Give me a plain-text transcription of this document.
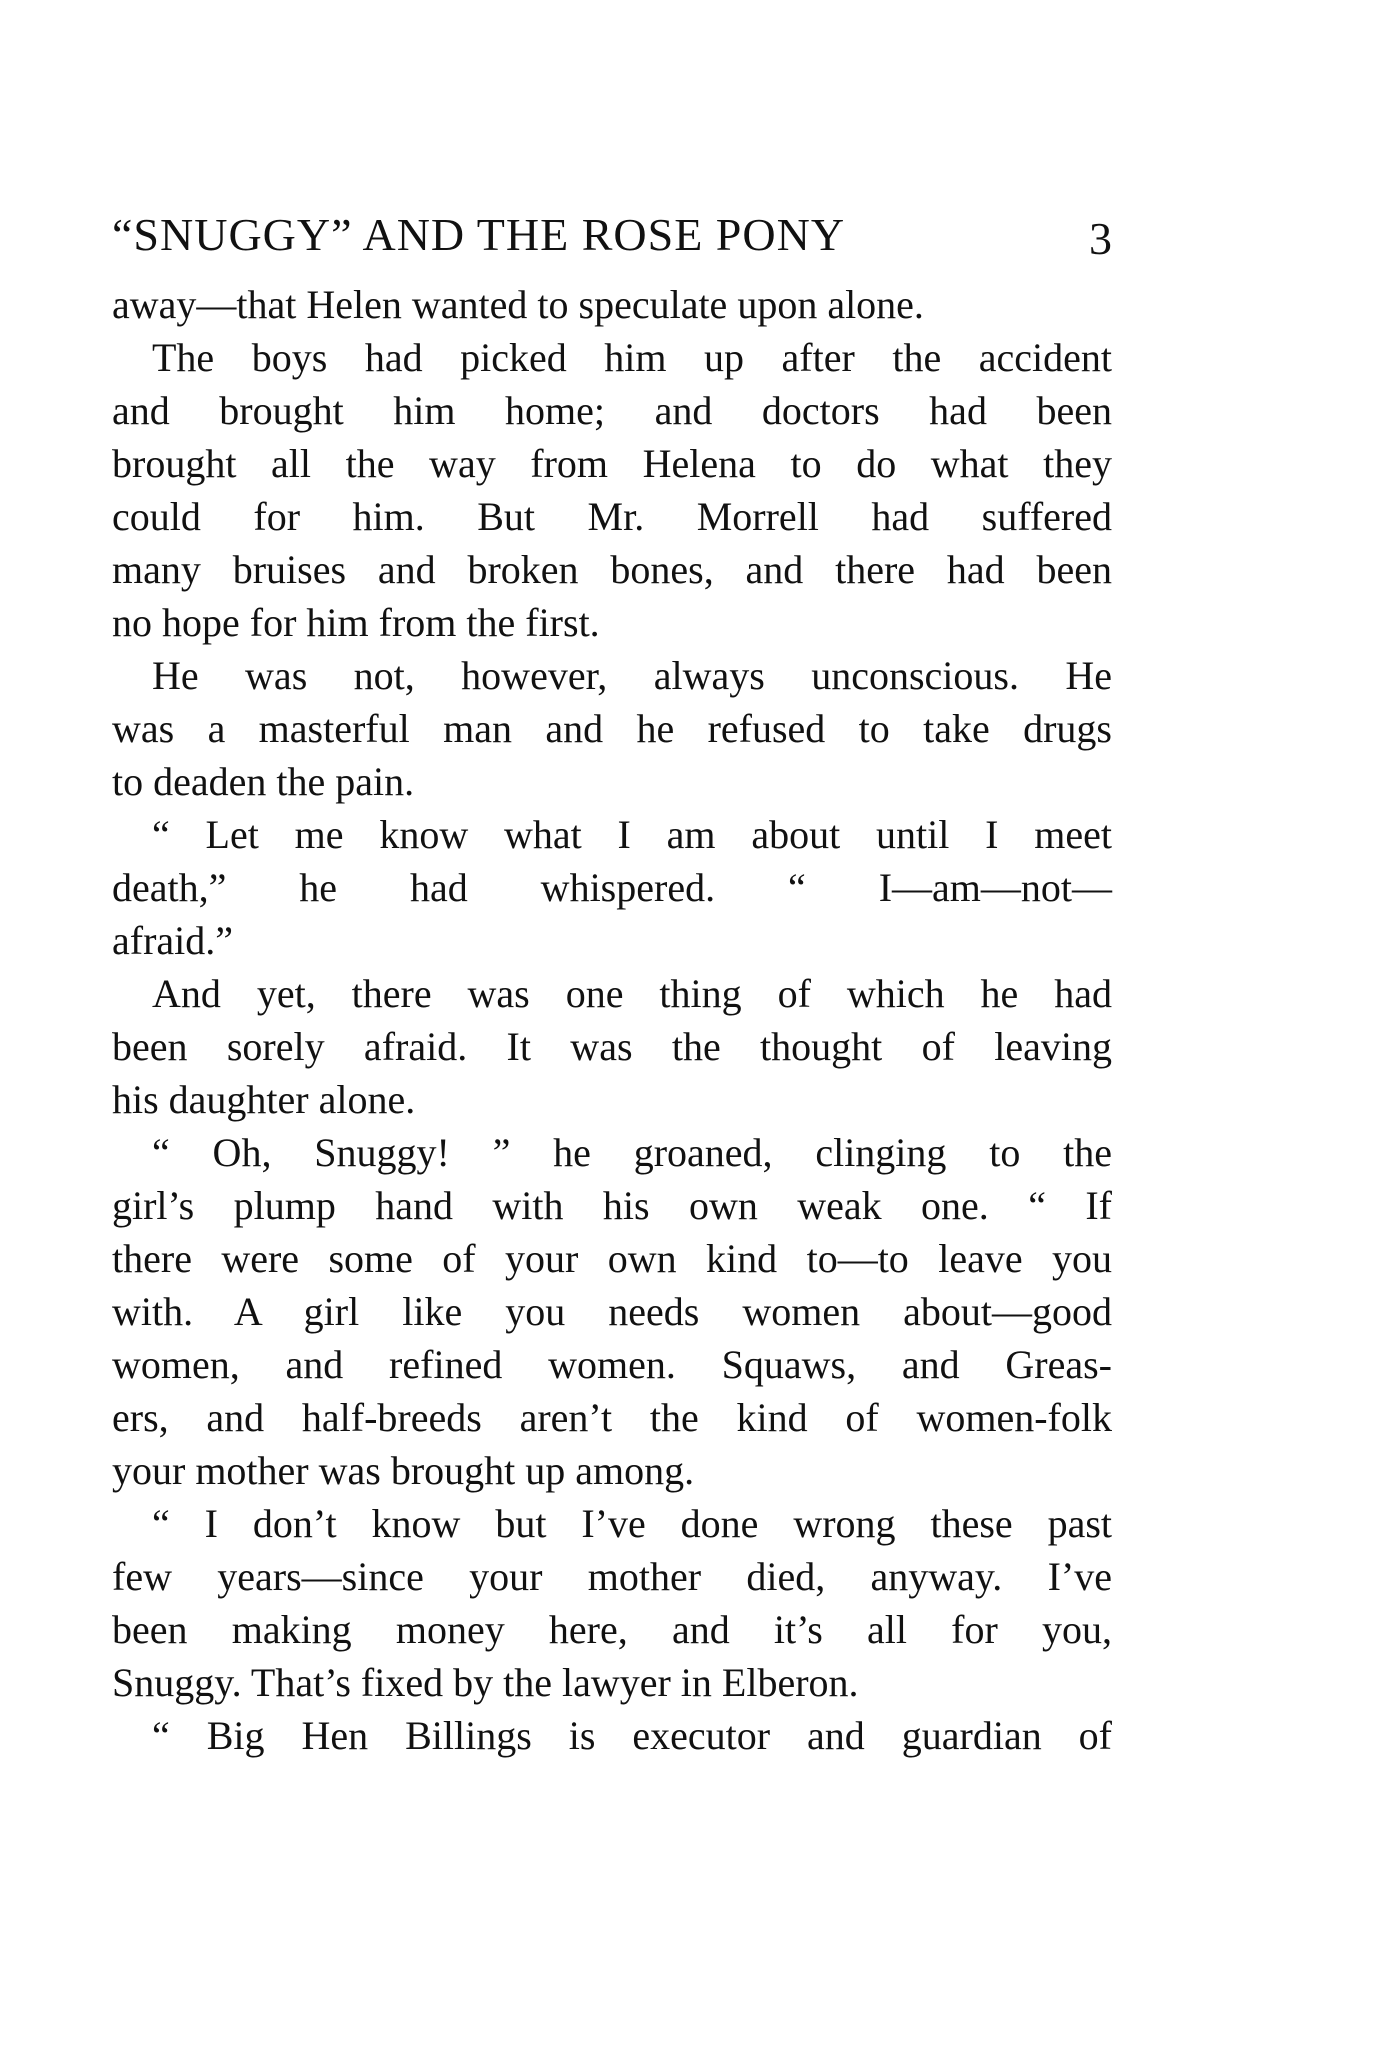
“SNUGGY” AND THE ROSE PONY	3
away—that Helen wanted to speculate upon alone.
The boys had picked him up after the accident
and brought him home; and doctors had been
brought all the way from Helena to do what they
could for him. But Mr. Morrell had suffered
many bruises and broken bones, and there had been
no hope for him from the first.
He was not, however, always unconscious. He
was a masterful man and he refused to take drugs
to deaden the pain.
“ Let me know what I am about until I meet
death,” he had whispered. “ I—am—not—
afraid.”
And yet, there was one thing of which he had
been sorely afraid. It was the thought of leaving
his daughter alone.
“ Oh, Snuggy! ” he groaned, clinging to the
girl’s plump hand with his own weak one. “ If
there were some of your own kind to—to leave you
with. A girl like you needs women about—good
women, and refined women. Squaws, and Greas-
ers, and half-breeds aren’t the kind of women-folk
your mother was brought up among.
“ I don’t know but I’ve done wrong these past
few years—since your mother died, anyway. I’ve
been making money here, and it’s all for you,
Snuggy. That’s fixed by the lawyer in Elberon.
“ Big Hen Billings is executor and guardian of
